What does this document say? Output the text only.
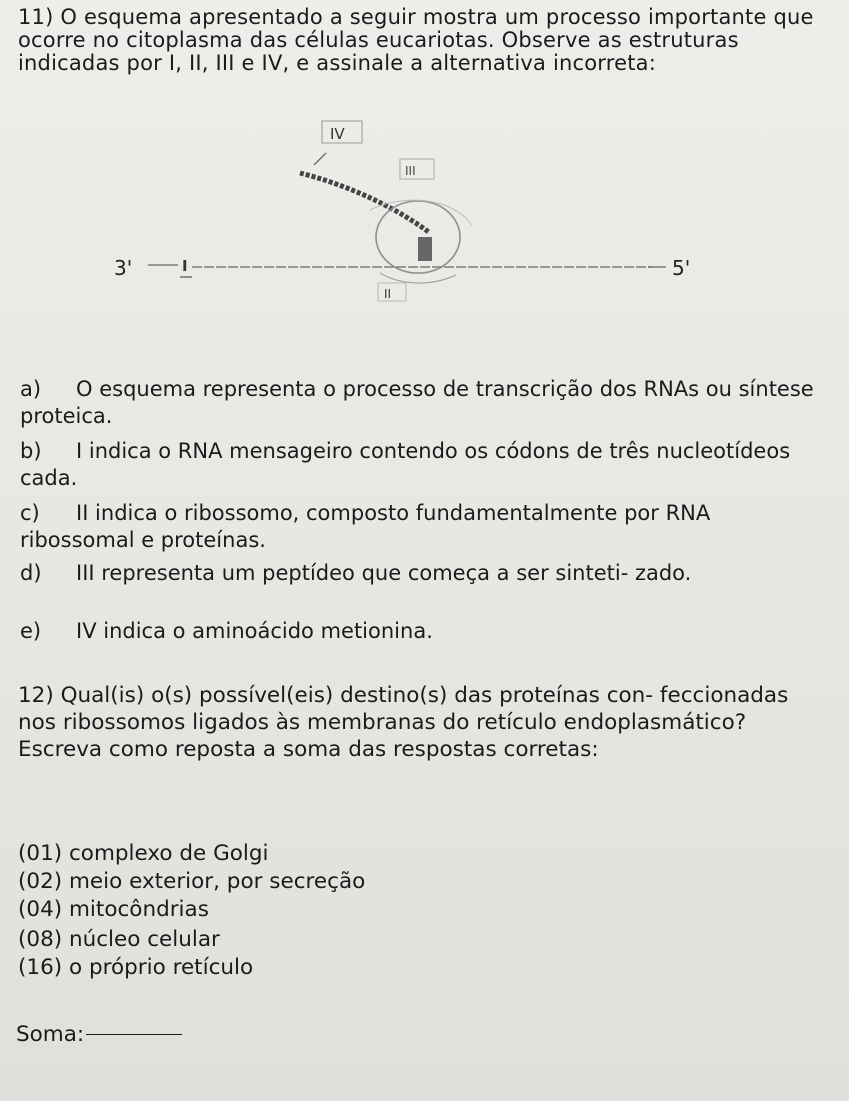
11) O esquema apresentado a seguir mostra um processo importante que ocorre no citoplasma das células eucariotas. Observe as estruturas indicadas por I, II, III e IV, e assinale a alternativa incorreta:
IV
III
3'	I	5'
II
a) O esquema representa o processo de transcrição dos RNAs ou síntese proteica.
b) I indica o RNA mensageiro contendo os códons de três nucleotídeos cada.
c) II indica o ribossomo, composto fundamentalmente por RNA ribossomal e proteínas.
d) III representa um peptídeo que começa a ser sinteti- zado.
e) IV indica o aminoácido metionina.
12) Qual(is) o(s) possível(eis) destino(s) das proteínas con- feccionadas nos ribossomos ligados às membranas do retículo endoplasmático? Escreva como reposta a soma das respostas corretas:
(01) complexo de Golgi
(02) meio exterior, por secreção
(04) mitocôndrias
(08) núcleo celular
(16) o próprio retículo
Soma:
